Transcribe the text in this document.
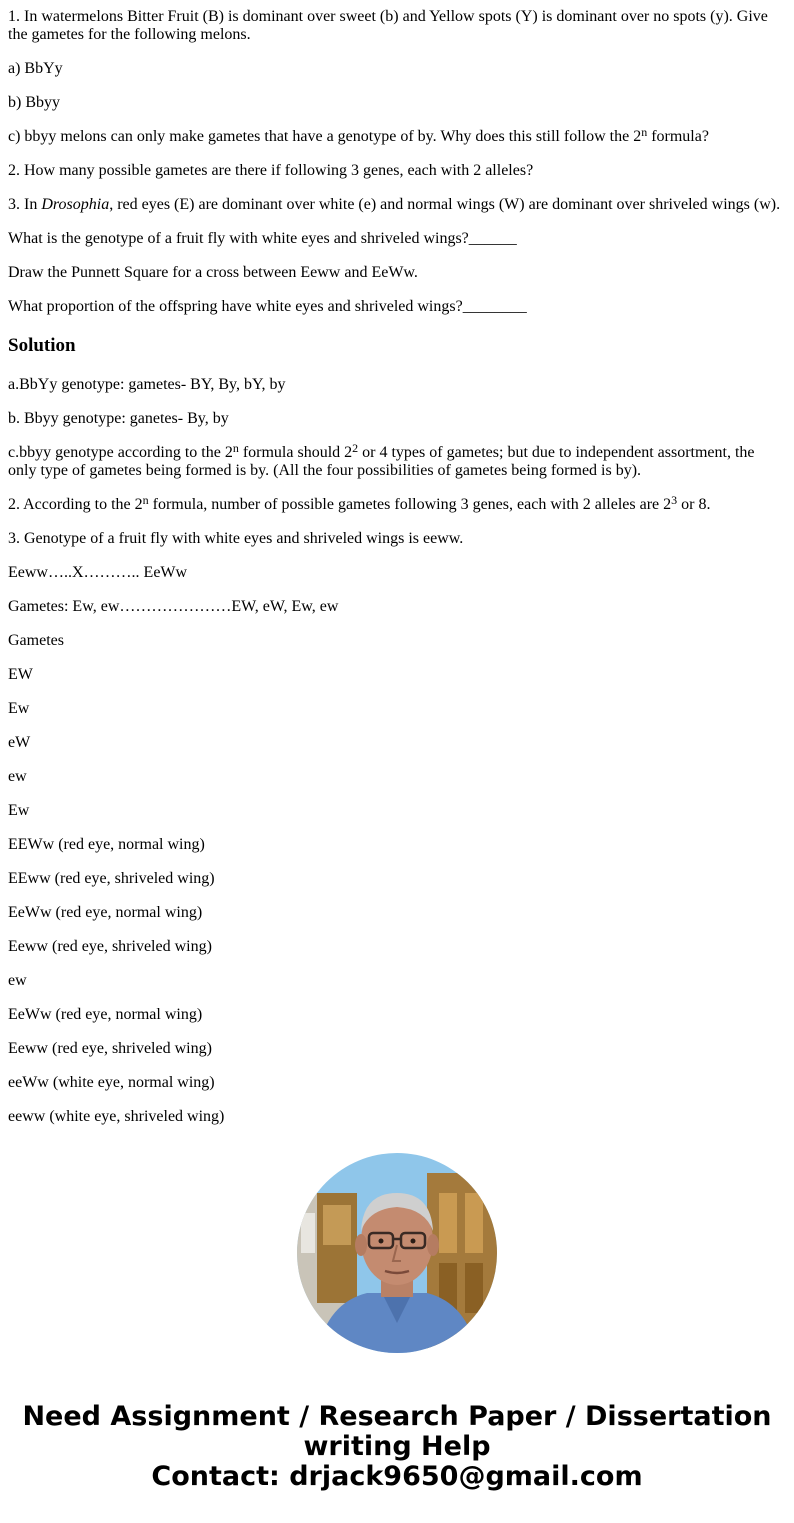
1. In watermelons Bitter Fruit (B) is dominant over sweet (b) and Yellow spots (Y) is dominant over no spots (y). Give the gametes for the following melons.

a) BbYy

b) Bbyy

c) bbyy melons can only make gametes that have a genotype of by. Why does this still follow the 2$^n$ formula?

2. How many possible gametes are there if following 3 genes, each with 2 alleles?

3. In Drosophia, red eyes (E) are dominant over white (e) and normal wings (W) are dominant over shriveled wings (w).

What is the genotype of a fruit fly with white eyes and shriveled wings?______

Draw the Punnett Square for a cross between Eeww and EeWw.

What proportion of the offspring have white eyes and shriveled wings?________

Solution

a.BbYy genotype: gametes- BY, By, bY, by

b. Bbyy genotype: ganetes- By, by

c.bbyy genotype according to the 2$^n$ formula should $2^2$ or 4 types of gametes; but due to independent assortment, the only type of gametes being formed is by. (All the four possibilities of gametes being formed is by).

2. According to the 2$^n$ formula, number of possible gametes following 3 genes, each with 2 alleles are $2^3$ or 8.

3. Genotype of a fruit fly with white eyes and shriveled wings is eeww.

Eeww…..X……….. EeWw

Gametes: Ew, ew…………………EW, eW, Ew, ew

Gametes

EW

Ew

eW

ew

Ew

EEWw (red eye, normal wing)

EEww (red eye, shriveled wing)

EeWw (red eye, normal wing)

Eeww (red eye, shriveled wing)

ew

EeWw (red eye, normal wing)

Eeww (red eye, shriveled wing)

eeWw (white eye, normal wing)

eeww (white eye, shriveled wing)

Need Assignment / Research Paper / Dissertation
writing Help
Contact: drjack9650@gmail.com
